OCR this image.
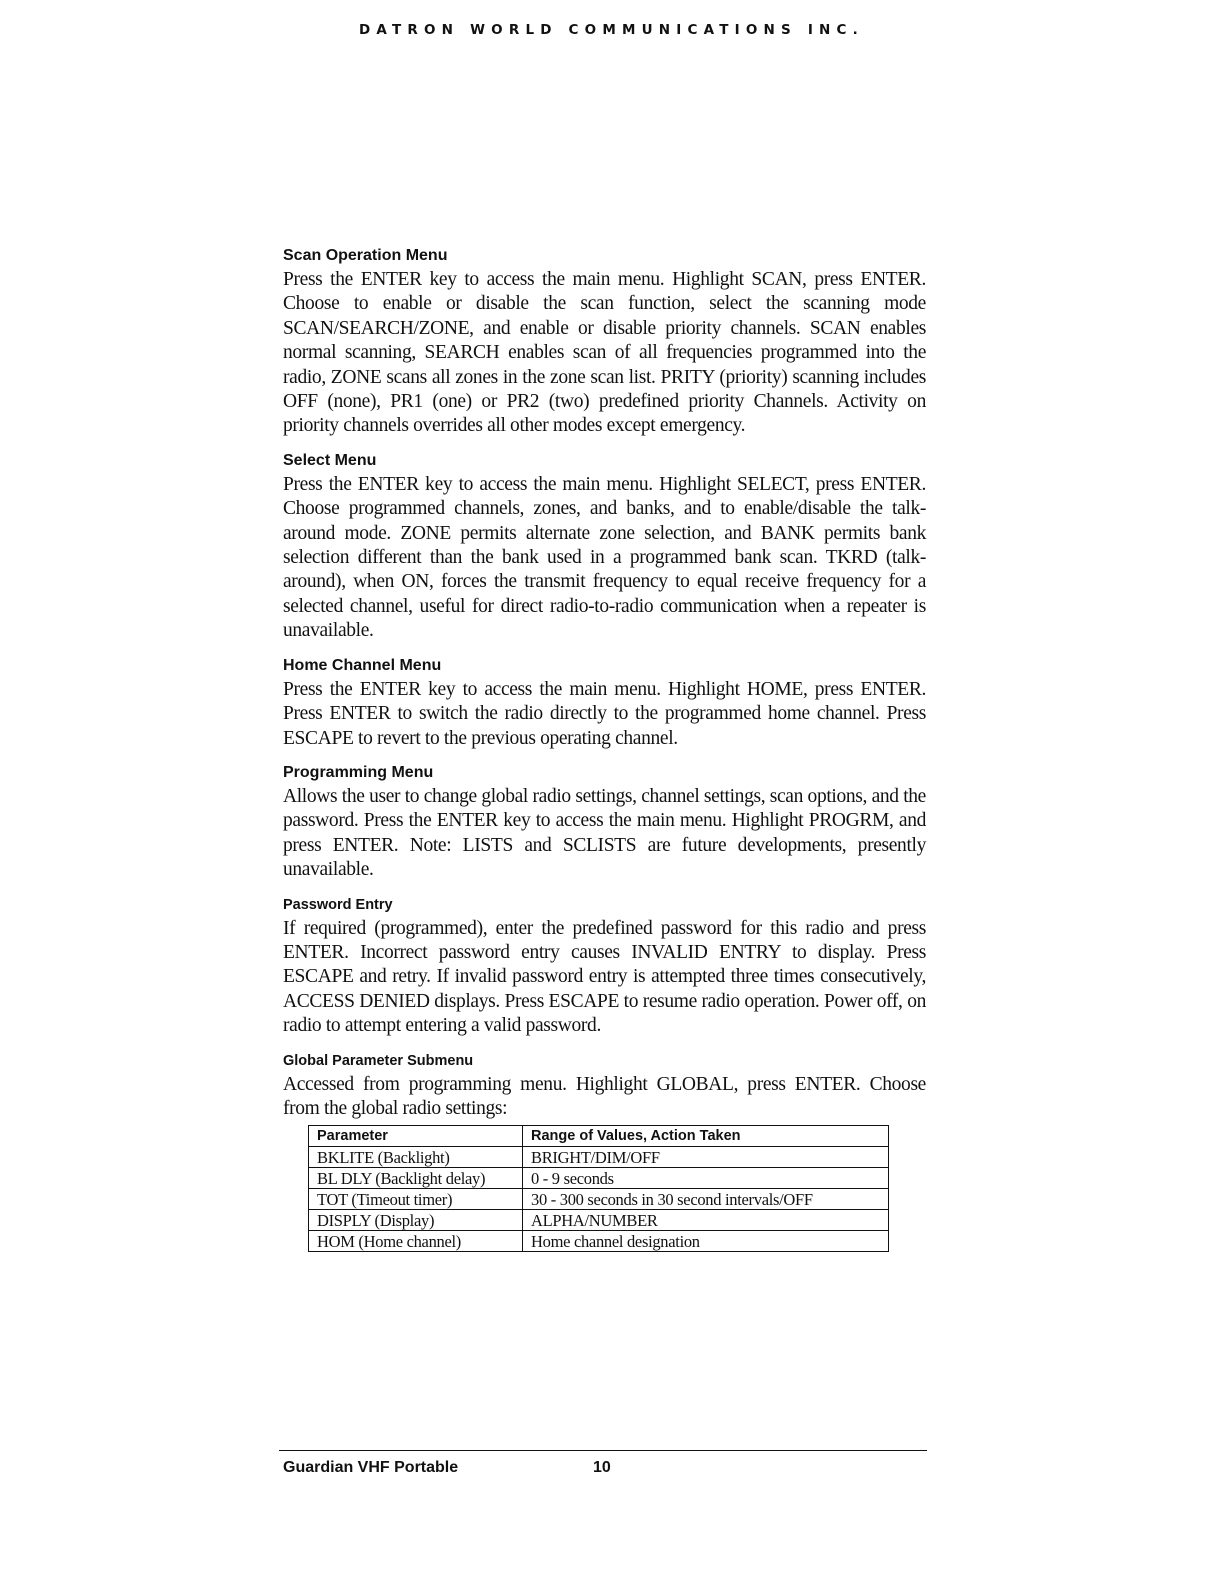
DATRON WORLD COMMUNICATIONS INC.
Scan Operation Menu
Press the ENTER key to access the main menu. Highlight SCAN, press ENTER. Choose to enable or disable the scan function, select the scanning mode SCAN/SEARCH/ZONE, and enable or disable priority channels. SCAN enables normal scanning, SEARCH enables scan of all frequencies programmed into the radio, ZONE scans all zones in the zone scan list. PRITY (priority) scanning includes OFF (none), PR1 (one) or PR2 (two) predefined priority Channels. Activity on priority channels overrides all other modes except emergency.
Select Menu
Press the ENTER key to access the main menu. Highlight SELECT, press ENTER. Choose programmed channels, zones, and banks, and to enable/disable the talk-around mode. ZONE permits alternate zone selection, and BANK permits bank selection different than the bank used in a programmed bank scan. TKRD (talk-around), when ON, forces the transmit frequency to equal receive frequency for a selected channel, useful for direct radio-to-radio communication when a repeater is unavailable.
Home Channel Menu
Press the ENTER key to access the main menu. Highlight HOME, press ENTER. Press ENTER to switch the radio directly to the programmed home channel. Press ESCAPE to revert to the previous operating channel.
Programming Menu
Allows the user to change global radio settings, channel settings, scan options, and the password. Press the ENTER key to access the main menu. Highlight PROGRM, and press ENTER. Note: LISTS and SCLISTS are future developments, presently unavailable.
Password Entry
If required (programmed), enter the predefined password for this radio and press ENTER. Incorrect password entry causes INVALID ENTRY to display. Press ESCAPE and retry. If invalid password entry is attempted three times consecutively, ACCESS DENIED displays. Press ESCAPE to resume radio operation. Power off, on radio to attempt entering a valid password.
Global Parameter Submenu
Accessed from programming menu. Highlight GLOBAL, press ENTER. Choose from the global radio settings:
Parameter	Range of Values, Action Taken
BKLITE (Backlight)	BRIGHT/DIM/OFF
BL DLY (Backlight delay)	0 - 9 seconds
TOT (Timeout timer)	30 - 300 seconds in 30 second intervals/OFF
DISPLY (Display)	ALPHA/NUMBER
HOM (Home channel)	Home channel designation
Guardian VHF Portable	10
